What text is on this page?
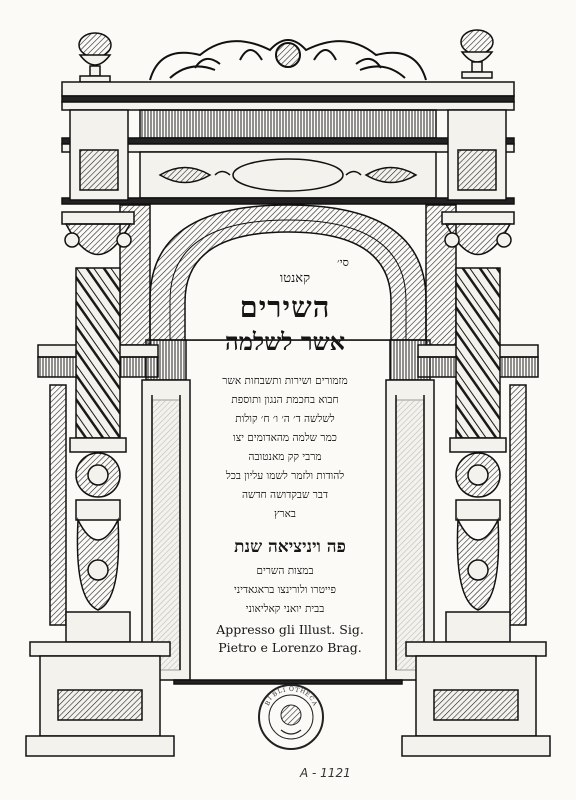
סי׳
קאנטו
השירים
אשר לשלמה
מזמורים ושירות ותשבחות אשר
חבוא בחכמת הנגון ותוספת
לשלשה ד׳ ה׳ ו׳ ח׳ קולות
כמר שלמה מהאדומים יצו
מרבי קק מאנטובה
להודות ולזמר לשמו עליון בכל
דבר שבקדושה חדשה
בארץ
פה ויניציאה שנת
במצות השרים
פייטרו ולורינצו בראגאדיני
בבית יואני קאליאוני
Appresso gli Illust. Sig.
Pietro e Lorenzo Brag.
B
I
B
L I O T H
E
C
A
A - 1121
